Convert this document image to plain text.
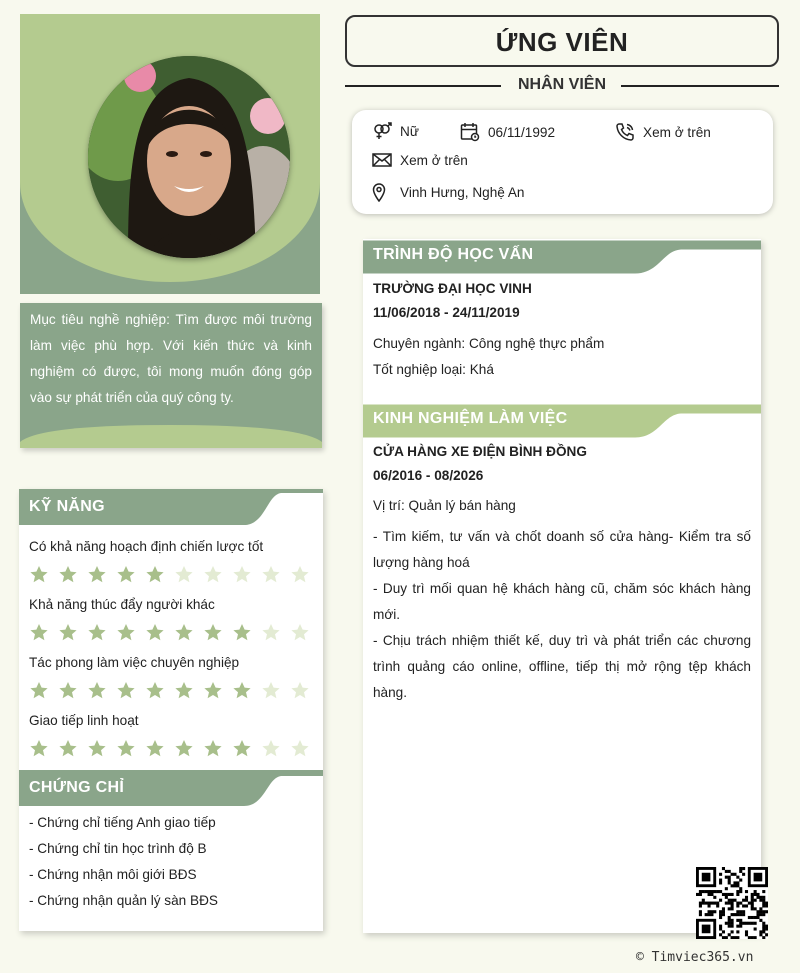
Mục tiêu nghề nghiệp: Tìm được môi trường làm việc phù hợp. Với kiến thức và kinh nghiệm có được, tôi mong muốn đóng góp vào sự phát triển của quý công ty.

KỸ NĂNG
Có khả năng hoạch định chiến lược tốt
Khả năng thúc đẩy người khác
Tác phong làm việc chuyên nghiệp
Giao tiếp linh hoạt
CHỨNG CHỈ
- Chứng chỉ tiếng Anh giao tiếp
- Chứng chỉ tin học trình độ B
- Chứng nhận môi giới BĐS
- Chứng nhận quản lý sàn BĐS
ỨNG VIÊN
NHÂN VIÊN
Nữ	06/11/1992	Xem ở trên
Xem ở trên
Vinh Hưng, Nghệ An
TRÌNH ĐỘ HỌC VẤN
TRƯỜNG ĐẠI HỌC VINH
11/06/2018 - 24/11/2019
Chuyên ngành: Công nghệ thực phẩm
Tốt nghiệp loại: Khá
KINH NGHIỆM LÀM VIỆC
CỬA HÀNG XE ĐIỆN BÌNH ĐỒNG
06/2016 - 08/2026
Vị trí: Quản lý bán hàng
- Tìm kiếm, tư vấn và chốt doanh số cửa hàng- Kiểm tra số lượng hàng hoá
- Duy trì mối quan hệ khách hàng cũ, chăm sóc khách hàng mới.
- Chịu trách nhiệm thiết kế, duy trì và phát triển các chương trình quảng cáo online, offline, tiếp thị mở rộng tệp khách hàng.
© Timviec365.vn
